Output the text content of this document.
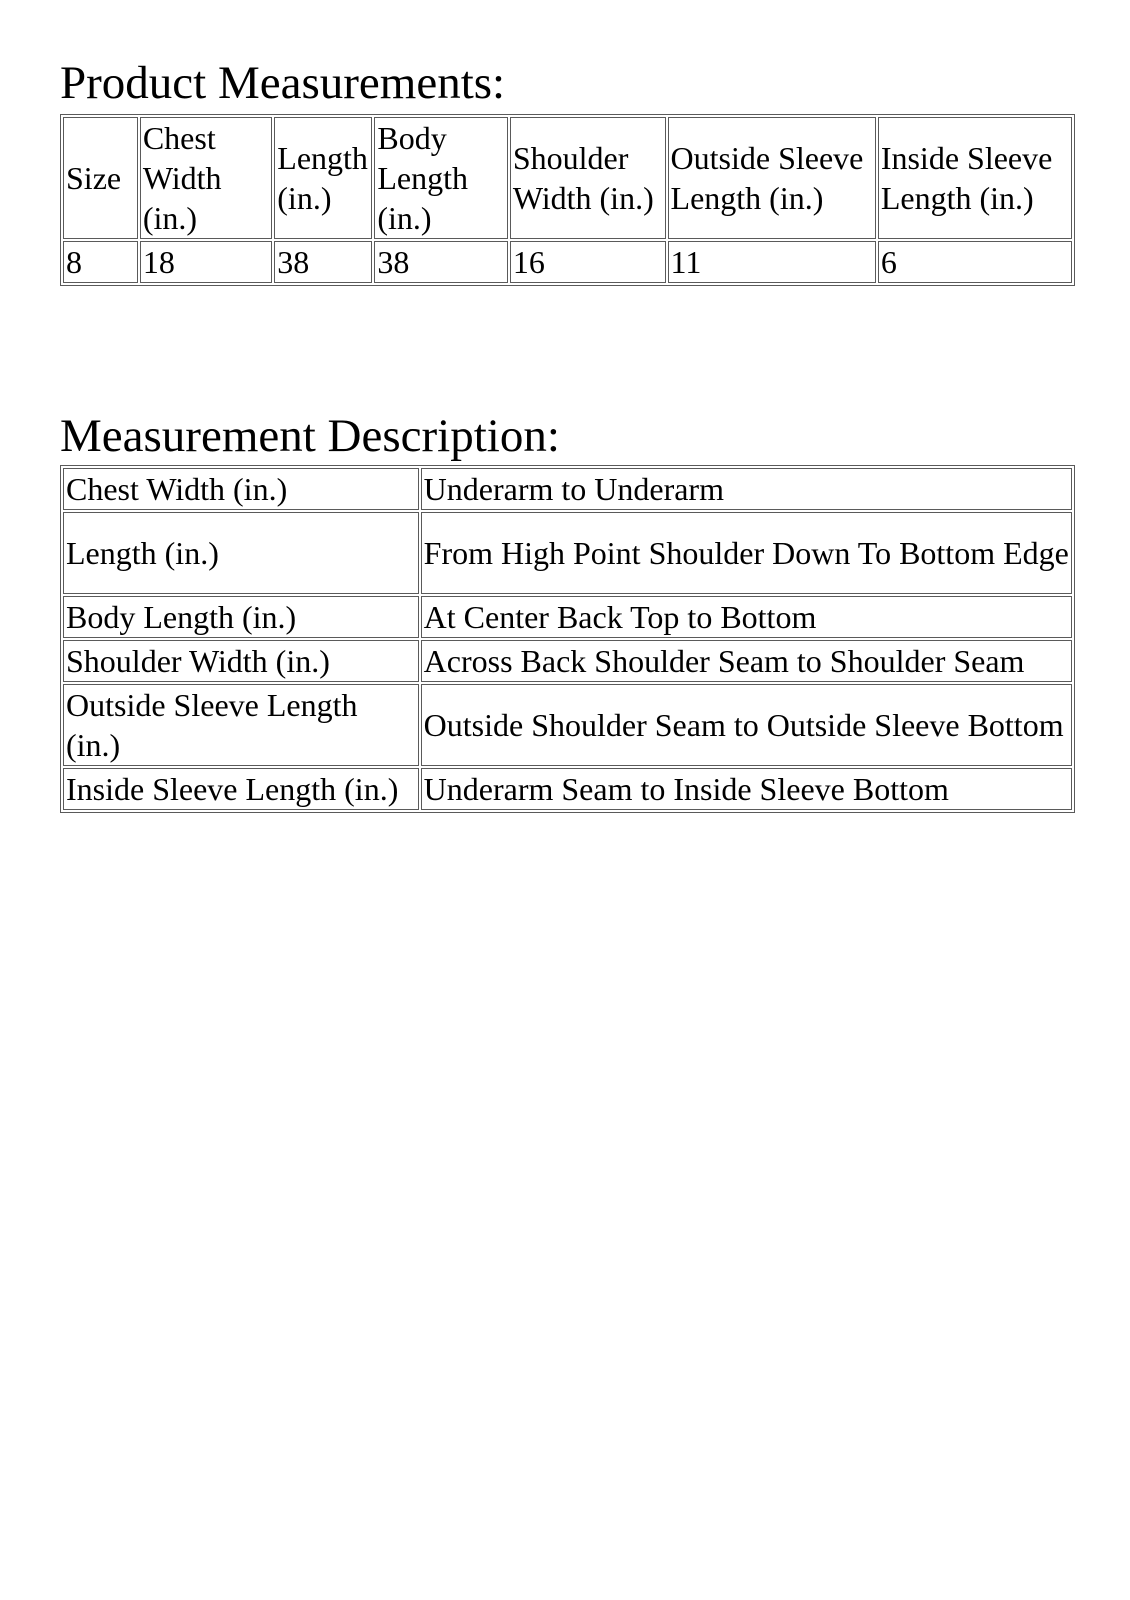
Product Measurements:
Size	Chest Width (in.)	Length (in.)	Body Length (in.)	Shoulder Width (in.)	Outside Sleeve Length (in.)	Inside Sleeve Length (in.)
8	18	38	38	16	11	6
Measurement Description:
Chest Width (in.)	Underarm to Underarm
Length (in.)	From High Point Shoulder Down To Bottom Edge
Body Length (in.)	At Center Back Top to Bottom
Shoulder Width (in.)	Across Back Shoulder Seam to Shoulder Seam
Outside Sleeve Length (in.)	Outside Shoulder Seam to Outside Sleeve Bottom
Inside Sleeve Length (in.)	Underarm Seam to Inside Sleeve Bottom
